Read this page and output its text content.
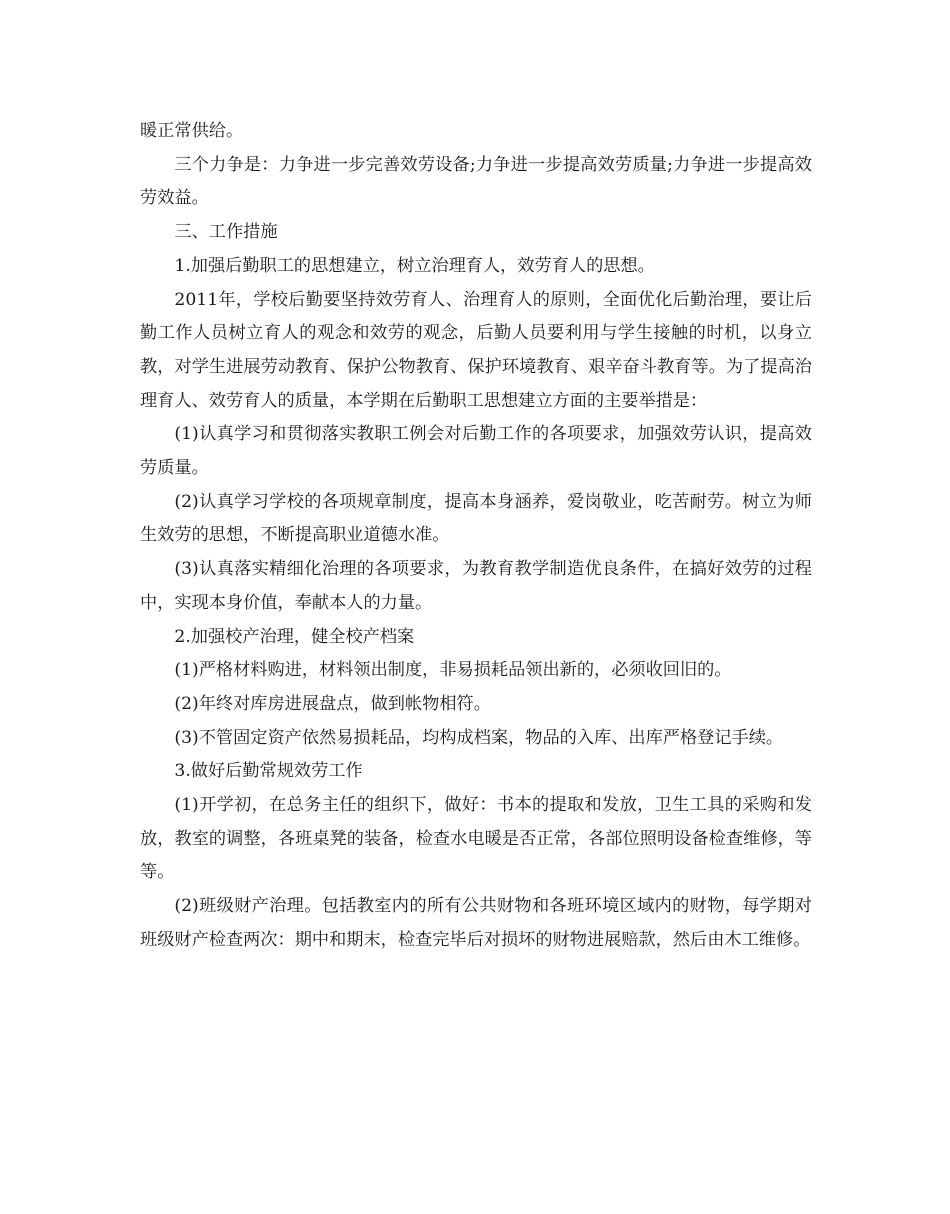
暖正常供给。

三个力争是：力争进一步完善效劳设备;力争进一步提高效劳质量;力争进一步提高效劳效益。

三、工作措施

1.加强后勤职工的思想建立，树立治理育人，效劳育人的思想。

2011年，学校后勤要坚持效劳育人、治理育人的原则，全面优化后勤治理，要让后勤工作人员树立育人的观念和效劳的观念，后勤人员要利用与学生接触的时机，以身立教，对学生进展劳动教育、保护公物教育、保护环境教育、艰辛奋斗教育等。为了提高治理育人、效劳育人的质量，本学期在后勤职工思想建立方面的主要举措是：

(1)认真学习和贯彻落实教职工例会对后勤工作的各项要求，加强效劳认识，提高效劳质量。

(2)认真学习学校的各项规章制度，提高本身涵养，爱岗敬业，吃苦耐劳。树立为师生效劳的思想，不断提高职业道德水准。

(3)认真落实精细化治理的各项要求，为教育教学制造优良条件，在搞好效劳的过程中，实现本身价值，奉献本人的力量。

2.加强校产治理，健全校产档案

(1)严格材料购进，材料领出制度，非易损耗品领出新的，必须收回旧的。

(2)年终对库房进展盘点，做到帐物相符。

(3)不管固定资产依然易损耗品，均构成档案，物品的入库、出库严格登记手续。

3.做好后勤常规效劳工作

(1)开学初，在总务主任的组织下，做好：书本的提取和发放，卫生工具的采购和发放，教室的调整，各班桌凳的装备，检查水电暖是否正常，各部位照明设备检查维修，等等。

(2)班级财产治理。包括教室内的所有公共财物和各班环境区域内的财物，每学期对班级财产检查两次：期中和期末，检查完毕后对损坏的财物进展赔款，然后由木工维修。
